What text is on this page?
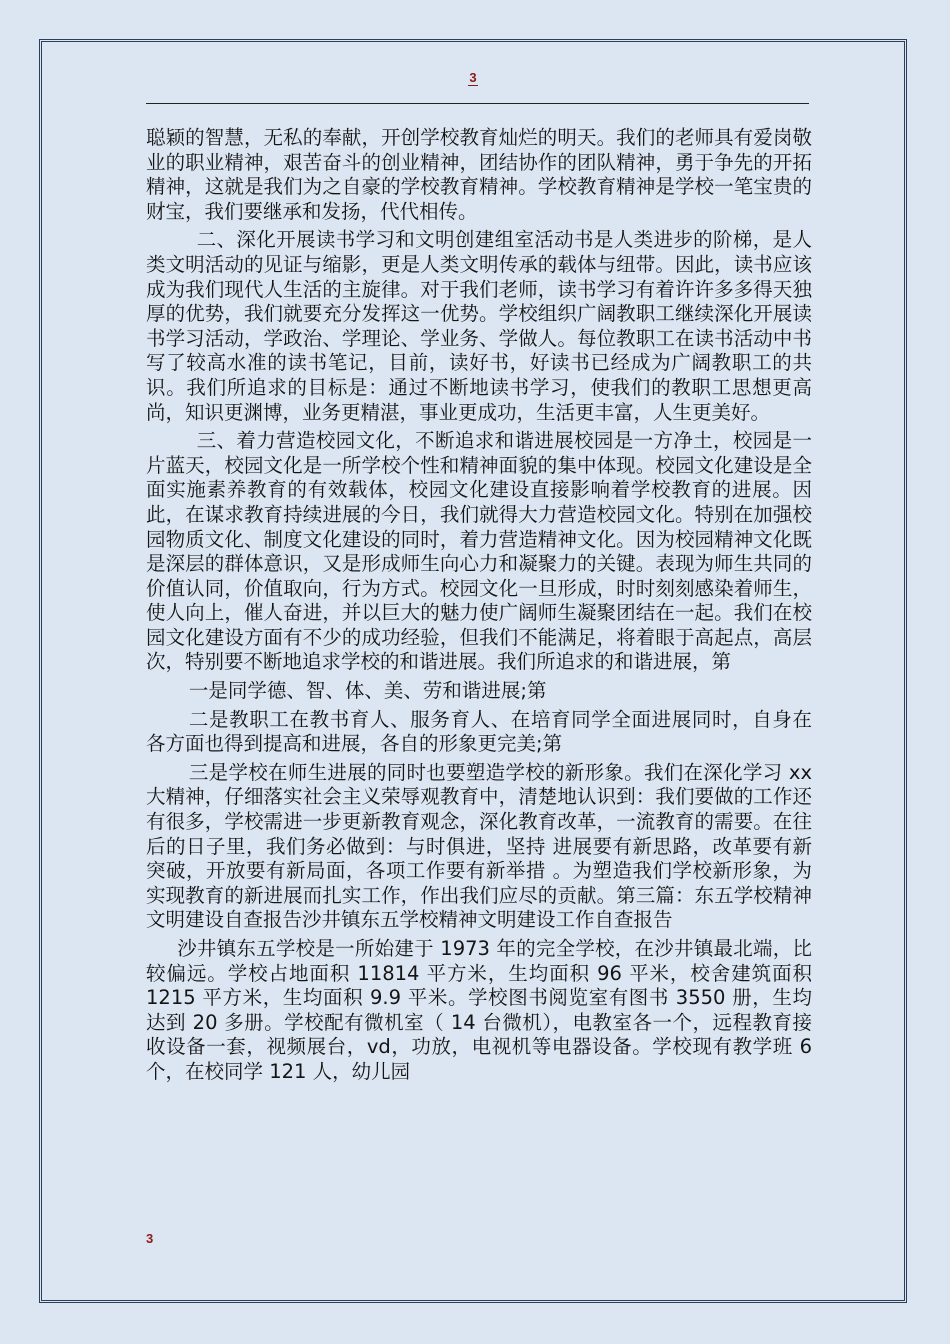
3

聪颖的智慧，无私的奉献，开创学校教育灿烂的明天。我们的老师具有爱岗敬业的职业精神，艰苦奋斗的创业精神，团结协作的团队精神，勇于争先的开拓精神，这就是我们为之自豪的学校教育精神。学校教育精神是学校一笔宝贵的财宝，我们要继承和发扬，代代相传。

二、深化开展读书学习和文明创建组室活动书是人类进步的阶梯，是人类文明活动的见证与缩影，更是人类文明传承的载体与纽带。因此，读书应该成为我们现代人生活的主旋律。对于我们老师，读书学习有着许许多多得天独厚的优势，我们就要充分发挥这一优势。学校组织广阔教职工继续深化开展读书学习活动，学政治、学理论、学业务、学做人。每位教职工在读书活动中书写了较高水准的读书笔记，目前，读好书，好读书已经成为广阔教职工的共识。我们所追求的目标是：通过不断地读书学习，使我们的教职工思想更高尚，知识更渊博，业务更精湛，事业更成功，生活更丰富，人生更美好。

三、着力营造校园文化，不断追求和谐进展校园是一方净土，校园是一片蓝天，校园文化是一所学校个性和精神面貌的集中体现。校园文化建设是全面实施素养教育的有效载体，校园文化建设直接影响着学校教育的进展。因此，在谋求教育持续进展的今日，我们就得大力营造校园文化。特别在加强校园物质文化、制度文化建设的同时，着力营造精神文化。因为校园精神文化既是深层的群体意识，又是形成师生向心力和凝聚力的关键。表现为师生共同的价值认同，价值取向，行为方式。校园文化一旦形成，时时刻刻感染着师生，使人向上，催人奋进，并以巨大的魅力使广阔师生凝聚团结在一起。我们在校园文化建设方面有不少的成功经验，但我们不能满足，将着眼于高起点，高层次，特别要不断地追求学校的和谐进展。我们所追求的和谐进展，第

一是同学德、智、体、美、劳和谐进展;第

二是教职工在教书育人、服务育人、在培育同学全面进展同时，自身在各方面也得到提高和进展，各自的形象更完美;第

三是学校在师生进展的同时也要塑造学校的新形象。我们在深化学习 xx 大精神，仔细落实社会主义荣辱观教育中，清楚地认识到：我们要做的工作还有很多，学校需进一步更新教育观念，深化教育改革，一流教育的需要。在往后的日子里，我们务必做到：与时俱进，坚持 进展要有新思路，改革要有新突破，开放要有新局面，各项工作要有新举措 。为塑造我们学校新形象，为实现教育的新进展而扎实工作，作出我们应尽的贡献。第三篇：东五学校精神文明建设自查报告沙井镇东五学校精神文明建设工作自查报告

沙井镇东五学校是一所始建于 1973 年的完全学校，在沙井镇最北端，比较偏远。学校占地面积 11814 平方米，生均面积 96 平米，校舍建筑面积 1215 平方米，生均面积 9.9 平米。学校图书阅览室有图书 3550 册，生均达到 20 多册。学校配有微机室（ 14 台微机），电教室各一个，远程教育接收设备一套，视频展台，vd，功放，电视机等电器设备。学校现有教学班 6 个，在校同学 121 人，幼儿园

3
